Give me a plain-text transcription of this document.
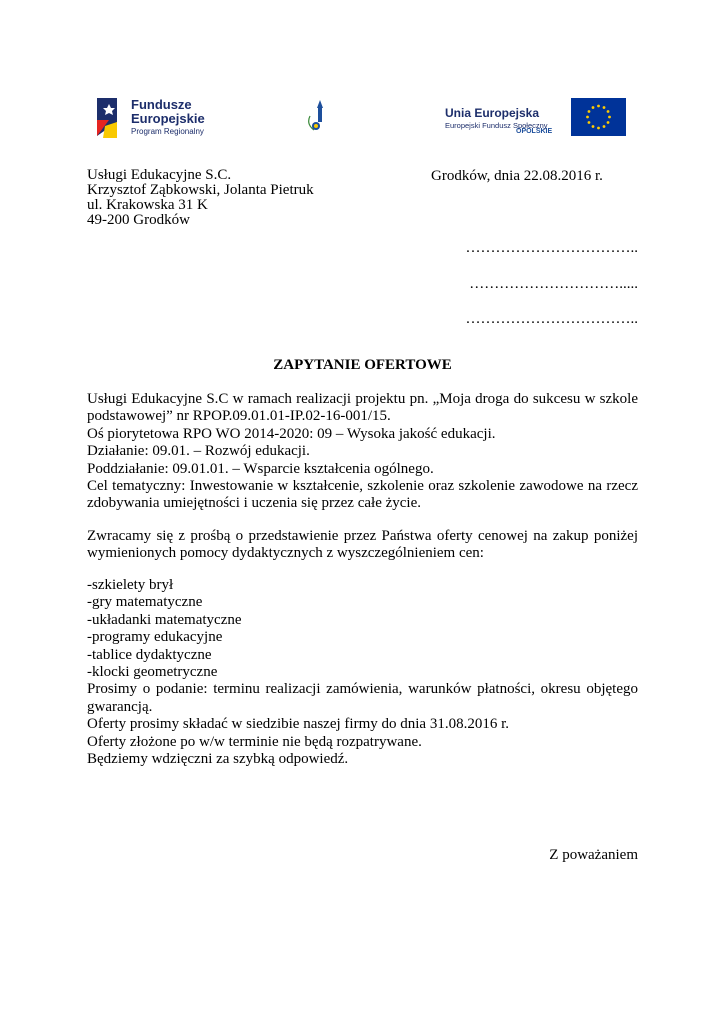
Fundusze
Europejskie
Program Regionalny	OPOLSKIE
Unia Europejska
Europejski Fundusz Społeczny
Usługi Edukacyjne S.C.
Krzysztof Ząbkowski, Jolanta Pietruk
ul. Krakowska 31 K
49-200 Grodków
Grodków, dnia 22.08.2016 r.
……………………………..
………………………….....
……………………………..
ZAPYTANIE OFERTOWE
Usługi Edukacyjne S.C w ramach realizacji projektu pn. „Moja droga do sukcesu w szkole
podstawowej” nr RPOP.09.01.01-IP.02-16-001/15.
Oś piorytetowa RPO WO 2014-2020: 09 – Wysoka jakość edukacji.
Działanie: 09.01. – Rozwój edukacji.
Poddziałanie: 09.01.01. – Wsparcie kształcenia ogólnego.
Cel tematyczny: Inwestowanie w kształcenie, szkolenie oraz szkolenie zawodowe na rzecz
zdobywania umiejętności i uczenia się przez całe życie.
Zwracamy się z prośbą o przedstawienie przez Państwa oferty cenowej na zakup poniżej
wymienionych pomocy dydaktycznych z wyszczególnieniem cen:
-szkielety brył
-gry matematyczne
-układanki matematyczne
-programy edukacyjne
-tablice dydaktyczne
-klocki geometryczne
Prosimy o podanie: terminu realizacji zamówienia, warunków płatności, okresu objętego
gwarancją.
Oferty prosimy składać w siedzibie naszej firmy do dnia 31.08.2016 r.
Oferty złożone po w/w terminie nie będą rozpatrywane.
Będziemy wdzięczni za szybką odpowiedź.
Z poważaniem
